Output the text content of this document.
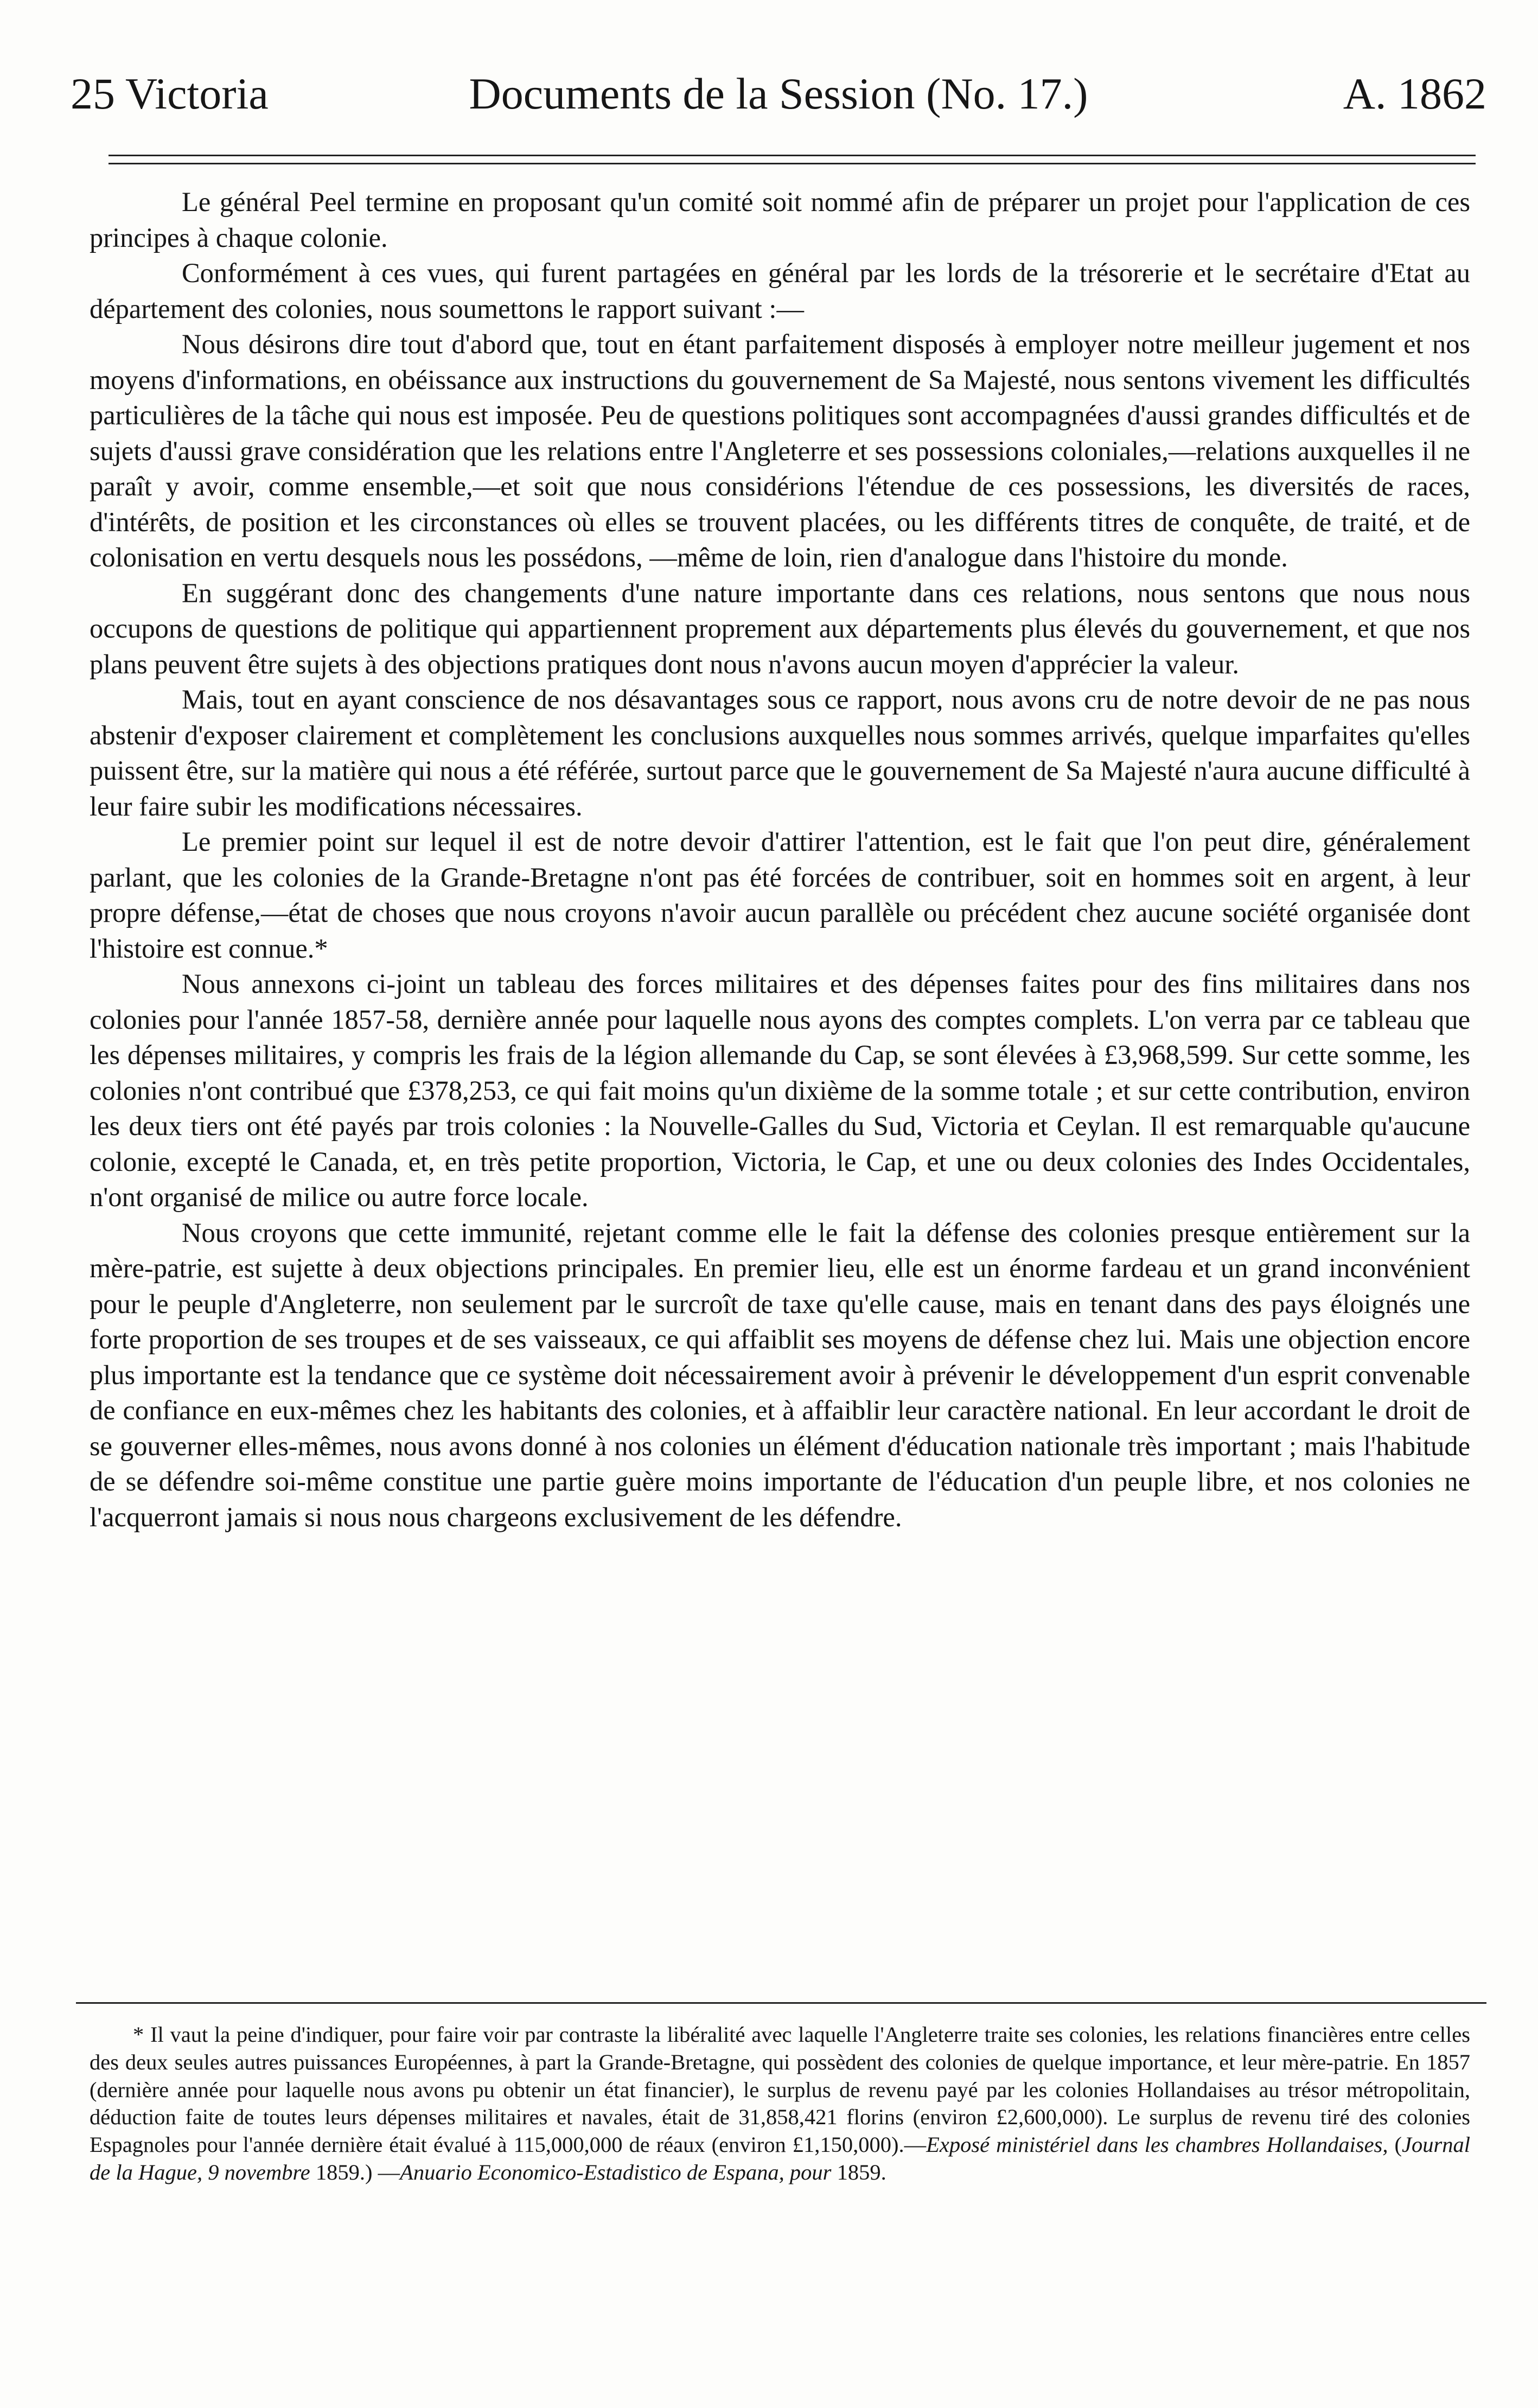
25 Victoria	Documents de la Session (No. 17.)	A. 1862

Le général Peel termine en proposant qu'un comité soit nommé afin de préparer un projet pour l'application de ces principes à chaque colonie.

Conformément à ces vues, qui furent partagées en général par les lords de la trésorerie et le secrétaire d'Etat au département des colonies, nous soumettons le rapport suivant :—

Nous désirons dire tout d'abord que, tout en étant parfaitement disposés à employer notre meilleur jugement et nos moyens d'informations, en obéissance aux instructions du gouvernement de Sa Majesté, nous sentons vivement les difficultés particulières de la tâche qui nous est imposée. Peu de questions politiques sont accompagnées d'aussi grandes difficultés et de sujets d'aussi grave considération que les relations entre l'Angleterre et ses possessions coloniales,—relations auxquelles il ne paraît y avoir, comme ensemble,—et soit que nous considérions l'étendue de ces possessions, les diversités de races, d'intérêts, de position et les circonstances où elles se trouvent placées, ou les différents titres de conquête, de traité, et de colonisation en vertu desquels nous les possédons, —même de loin, rien d'analogue dans l'histoire du monde.

En suggérant donc des changements d'une nature importante dans ces relations, nous sentons que nous nous occupons de questions de politique qui appartiennent proprement aux départements plus élevés du gouvernement, et que nos plans peuvent être sujets à des objections pratiques dont nous n'avons aucun moyen d'apprécier la valeur.

Mais, tout en ayant conscience de nos désavantages sous ce rapport, nous avons cru de notre devoir de ne pas nous abstenir d'exposer clairement et complètement les conclusions auxquelles nous sommes arrivés, quelque imparfaites qu'elles puissent être, sur la matière qui nous a été référée, surtout parce que le gouvernement de Sa Majesté n'aura aucune difficulté à leur faire subir les modifications nécessaires.

Le premier point sur lequel il est de notre devoir d'attirer l'attention, est le fait que l'on peut dire, généralement parlant, que les colonies de la Grande-Bretagne n'ont pas été forcées de contribuer, soit en hommes soit en argent, à leur propre défense,—état de choses que nous croyons n'avoir aucun parallèle ou précédent chez aucune société organisée dont l'histoire est connue.*

Nous annexons ci-joint un tableau des forces militaires et des dépenses faites pour des fins militaires dans nos colonies pour l'année 1857-58, dernière année pour laquelle nous ayons des comptes complets. L'on verra par ce tableau que les dépenses militaires, y compris les frais de la légion allemande du Cap, se sont élevées à £3,968,599. Sur cette somme, les colonies n'ont contribué que £378,253, ce qui fait moins qu'un dixième de la somme totale ; et sur cette contribution, environ les deux tiers ont été payés par trois colonies : la Nouvelle-Galles du Sud, Victoria et Ceylan. Il est remarquable qu'aucune colonie, excepté le Canada, et, en très petite proportion, Victoria, le Cap, et une ou deux colonies des Indes Occidentales, n'ont organisé de milice ou autre force locale.

Nous croyons que cette immunité, rejetant comme elle le fait la défense des colonies presque entièrement sur la mère-patrie, est sujette à deux objections principales. En premier lieu, elle est un énorme fardeau et un grand inconvénient pour le peuple d'Angleterre, non seulement par le surcroît de taxe qu'elle cause, mais en tenant dans des pays éloignés une forte proportion de ses troupes et de ses vaisseaux, ce qui affaiblit ses moyens de défense chez lui. Mais une objection encore plus importante est la tendance que ce système doit nécessairement avoir à prévenir le développement d'un esprit convenable de confiance en eux-mêmes chez les habitants des colonies, et à affaiblir leur caractère national. En leur accordant le droit de se gouverner elles-mêmes, nous avons donné à nos colonies un élément d'éducation nationale très important ; mais l'habitude de se défendre soi-même constitue une partie guère moins importante de l'éducation d'un peuple libre, et nos colonies ne l'acquerront jamais si nous nous chargeons exclusivement de les défendre.

* Il vaut la peine d'indiquer, pour faire voir par contraste la libéralité avec laquelle l'Angleterre traite ses colonies, les relations financières entre celles des deux seules autres puissances Européennes, à part la Grande-Bretagne, qui possèdent des colonies de quelque importance, et leur mère-patrie. En 1857 (dernière année pour laquelle nous avons pu obtenir un état financier), le surplus de revenu payé par les colonies Hollandaises au trésor métropolitain, déduction faite de toutes leurs dépenses militaires et navales, était de 31,858,421 florins (environ £2,600,000). Le surplus de revenu tiré des colonies Espagnoles pour l'année dernière était évalué à 115,000,000 de réaux (environ £1,150,000).—Exposé ministériel dans les chambres Hollandaises, (Journal de la Hague, 9 novembre 1859.) —Anuario Economico-Estadistico de Espana, pour 1859.
